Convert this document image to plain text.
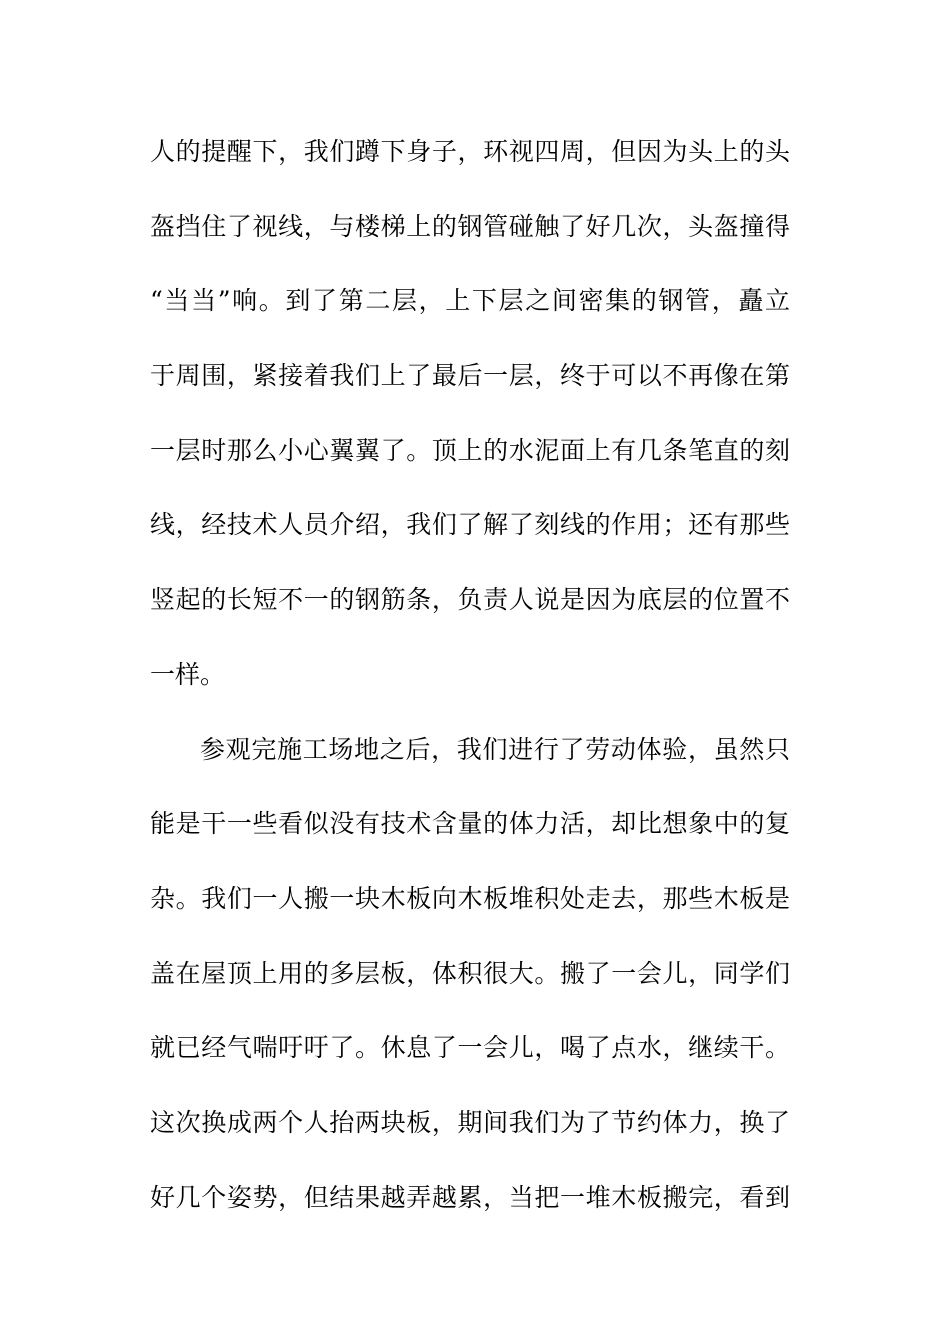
人的提醒下，我们蹲下身子，环视四周，但因为头上的头
盔挡住了视线，与楼梯上的钢管碰触了好几次，头盔撞得
“当当”响。到了第二层，上下层之间密集的钢管，矗立
于周围，紧接着我们上了最后一层，终于可以不再像在第
一层时那么小心翼翼了。顶上的水泥面上有几条笔直的刻
线，经技术人员介绍，我们了解了刻线的作用；还有那些
竖起的长短不一的钢筋条，负责人说是因为底层的位置不
一样。
参观完施工场地之后，我们进行了劳动体验，虽然只
能是干一些看似没有技术含量的体力活，却比想象中的复
杂。我们一人搬一块木板向木板堆积处走去，那些木板是
盖在屋顶上用的多层板，体积很大。搬了一会儿，同学们
就已经气喘吁吁了。休息了一会儿，喝了点水，继续干。
这次换成两个人抬两块板，期间我们为了节约体力，换了
好几个姿势，但结果越弄越累，当把一堆木板搬完，看到
